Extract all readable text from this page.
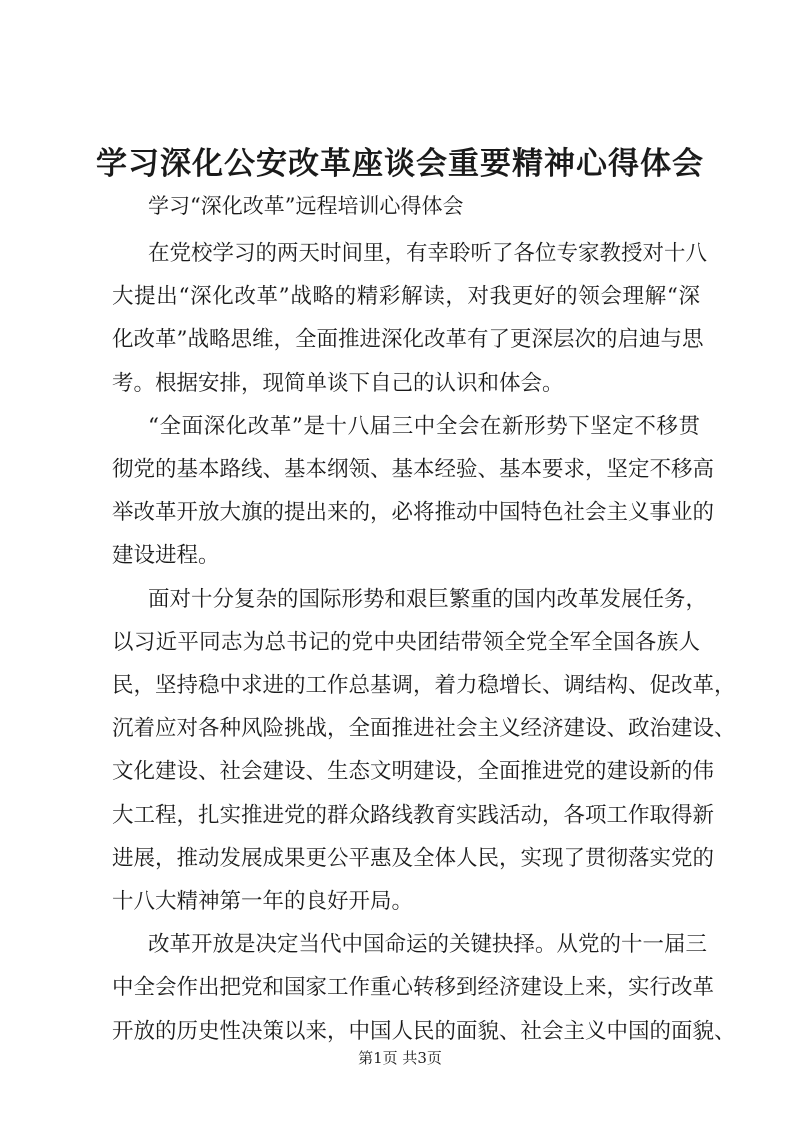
学习深化公安改革座谈会重要精神心得体会
学习“深化改革”远程培训心得体会
在党校学习的两天时间里，有幸聆听了各位专家教授对十八
大提出“深化改革”战略的精彩解读，对我更好的领会理解“深
化改革”战略思维，全面推进深化改革有了更深层次的启迪与思
考。根据安排，现简单谈下自己的认识和体会。
“全面深化改革”是十八届三中全会在新形势下坚定不移贯
彻党的基本路线、基本纲领、基本经验、基本要求，坚定不移高
举改革开放大旗的提出来的，必将推动中国特色社会主义事业的
建设进程。
面对十分复杂的国际形势和艰巨繁重的国内改革发展任务，
以习近平同志为总书记的党中央团结带领全党全军全国各族人
民，坚持稳中求进的工作总基调，着力稳增长、调结构、促改革，
沉着应对各种风险挑战，全面推进社会主义经济建设、政治建设、
文化建设、社会建设、生态文明建设，全面推进党的建设新的伟
大工程，扎实推进党的群众路线教育实践活动，各项工作取得新
进展，推动发展成果更公平惠及全体人民，实现了贯彻落实党的
十八大精神第一年的良好开局。
改革开放是决定当代中国命运的关键抉择。从党的十一届三
中全会作出把党和国家工作重心转移到经济建设上来，实行改革
第1页 共3页
开放的历史性决策以来，中国人民的面貌、社会主义中国的面貌、
